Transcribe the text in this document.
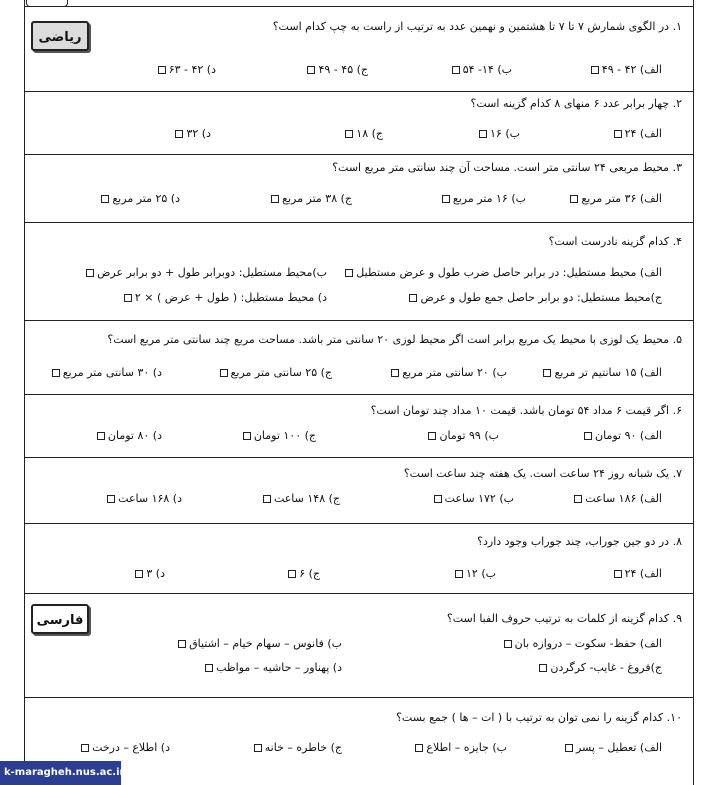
ریاضی
فارسی
۱. در الگوی شمارش ۷ تا ۷ تا هشتمین و نهمین عدد به ترتیب از راست به چپ کدام است؟
الف) ۴۲ - ۴۹
ب) ۱۴- ۵۴
ج) ۴۵ - ۴۹
د) ۴۲ - ۶۳
۲. چهار برابر عدد ۶ منهای ۸ کدام گزینه است؟
الف) ۲۴
ب) ۱۶
ج) ۱۸
د) ۳۲
۳. محیط مربعی ۲۴ سانتی متر است. مساحت آن چند سانتی متر مربع است؟
الف) ۳۶ متر مربع
ب) ۱۶ متر مربع
ج) ۳۸ متر مربع
د) ۲۵ متر مربع
۴. کدام گزینه نادرست است؟
الف) محیط مستطیل: در برابر حاصل ضرب طول و عرض مستطیل
ب)محیط مستطیل: دوبرابر طول + دو برابر عرض
ج)محیط مستطیل: دو برابر حاصل جمع طول و عرض
د) محیط مستطیل: ( طول + عرض ) × ۲
۵. محیط یک لوزی با محیط یک مربع برابر است اگر محیط لوزی ۲۰ سانتی متر باشد. مساحت مربع چند سانتی متر مربع است؟
الف) ۱۵ سانتیم تر مربع
ب) ۲۰ سانتی متر مربع
ج) ۲۵ سانتی متر مربع
د) ۳۰ سانتی متر مربع
۶. اگر قیمت ۶ مداد ۵۴ تومان باشد. قیمت ۱۰ مداد چند تومان است؟
الف) ۹۰ تومان
ب) ۹۹ تومان
ج) ۱۰۰ تومان
د) ۸۰ تومان
۷. یک شبانه روز ۲۴ ساعت است. یک هفته چند ساعت است؟
الف) ۱۸۶ ساعت
ب) ۱۷۲ ساعت
ج) ۱۴۸ ساعت
د) ۱۶۸ ساعت
۸. در دو جین جوراب، چند جوراب وجود دارد؟
الف) ۲۴
ب) ۱۲
ج) ۶
د) ۳
۹. کدام گزینه از کلمات به ترتیب حروف الفبا است؟
الف) حفظ- سکوت – دروازه بان
ب) فانوس – سهام خیام – اشتیاق
ج)فروغ - غایب- کرگردن
د) پهناور – حاشیه – مواظب
۱۰. کدام گزینه را نمی توان به ترتیب با ( ات – ها ) جمع بست؟
الف) تعطیل – پسر
ب) جایزه – اطلاع
ج) خاطره – خانه
د) اطلاع – درخت
k-maragheh.nus.ac.ir
